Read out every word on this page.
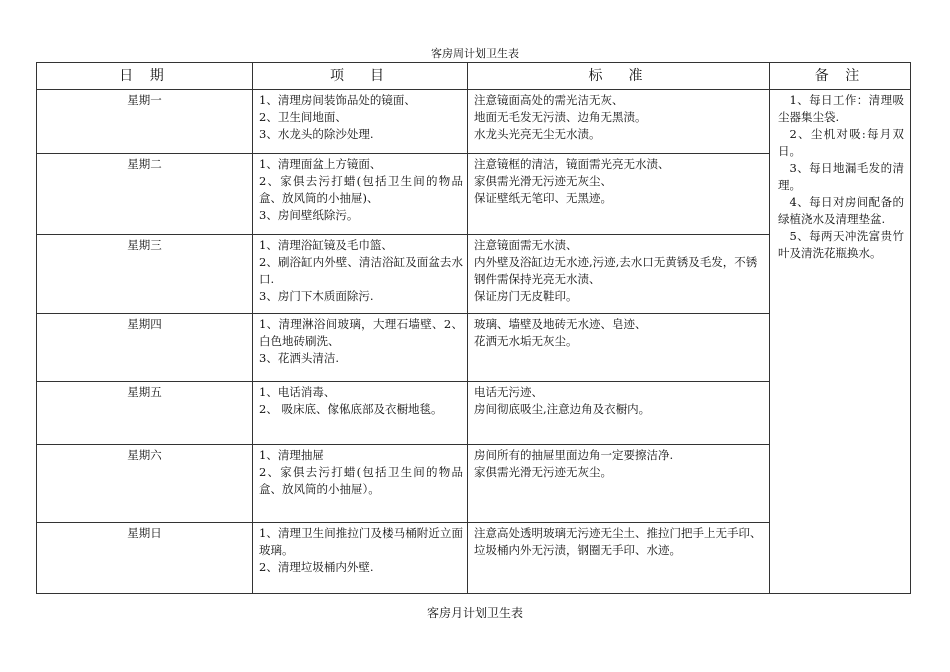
客房周计划卫生表
日 期	项　目	标　准	备 注
星期一	1、清理房间装饰品处的镜面、
2、卫生间地面、
3、水龙头的除沙处理.	注意镜面高处的需光洁无灰、
地面无毛发无污渍、边角无黑渍。
水龙头光亮无尘无水渍。	1、每日工作：清理吸尘器集尘袋.
2、尘机对吸:每月双日。
3、每日地漏毛发的清理。
4、每日对房间配备的绿植浇水及清理垫盆.
5、每两天冲洗富贵竹叶及清洗花瓶换水。

星期二	1、清理面盆上方镜面、
2、家俱去污打蜡(包括卫生间的物品盒、放风筒的小抽屉)、
3、房间壁纸除污。	注意镜框的清洁，镜面需光亮无水渍、
家俱需光滑无污迹无灰尘、
保证壁纸无笔印、无黑迹。	

星期三	1、清理浴缸镜及毛巾篮、
2、刷浴缸内外壁、清洁浴缸及面盆去水口.
3、房门下木质面除污.	注意镜面需无水渍、
内外壁及浴缸边无水迹,污迹,去水口无黄锈及毛发，不锈钢件需保持光亮无水渍、
保证房门无皮鞋印。	

星期四	1、清理淋浴间玻璃，大理石墙壁、2、白色地砖刷洗、
3、花洒头清洁.	玻璃、墙壁及地砖无水迹、皂迹、
花洒无水垢无灰尘。	

星期五	1、电话消毒、
2、 吸床底、傢俬底部及衣橱地毯。	电话无污迹、
房间彻底吸尘,注意边角及衣橱内。	

星期六	1、清理抽屉
2、家俱去污打蜡(包括卫生间的物品盒、放风筒的小抽屉）。	房间所有的抽屉里面边角一定要擦洁净.
家俱需光滑无污迹无灰尘。	

星期日	1、清理卫生间推拉门及楼马桶附近立面玻璃。
2、清理垃圾桶内外壁.	注意高处透明玻璃无污迹无尘土、推拉门把手上无手印、
垃圾桶内外无污渍，钢圈无手印、水迹。	
客房月计划卫生表
